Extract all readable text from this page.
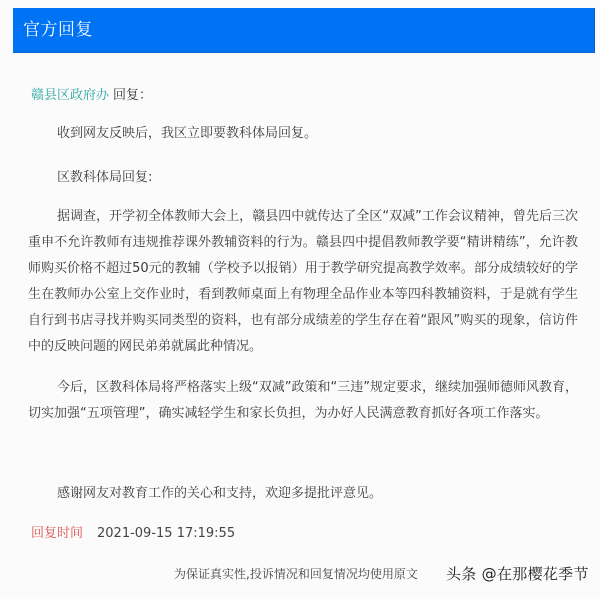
官方回复
赣县区政府办 回复：

收到网友反映后，我区立即要教科体局回复。

区教科体局回复:

据调查，开学初全体教师大会上，赣县四中就传达了全区“双减”工作会议精神，曾先后三次重申不允许教师有违规推荐课外教辅资料的行为。赣县四中提倡教师教学要“精讲精练”，允许教师购买价格不超过50元的教辅（学校予以报销）用于教学研究提高教学效率。部分成绩较好的学生在教师办公室上交作业时，看到教师桌面上有物理全品作业本等四科教辅资料，于是就有学生自行到书店寻找并购买同类型的资料，也有部分成绩差的学生存在着“跟风”购买的现象，信访件中的反映问题的网民弟弟就属此种情况。

今后，区教科体局将严格落实上级“双减”政策和“三违”规定要求，继续加强师德师风教育，切实加强“五项管理”，确实减轻学生和家长负担，为办好人民满意教育抓好各项工作落实。

感谢网友对教育工作的关心和支持，欢迎多提批评意见。

回复时间 2021-09-15 17:19:55
为保证真实性,投诉情况和回复情况均使用原文 头条 @在那樱花季节
